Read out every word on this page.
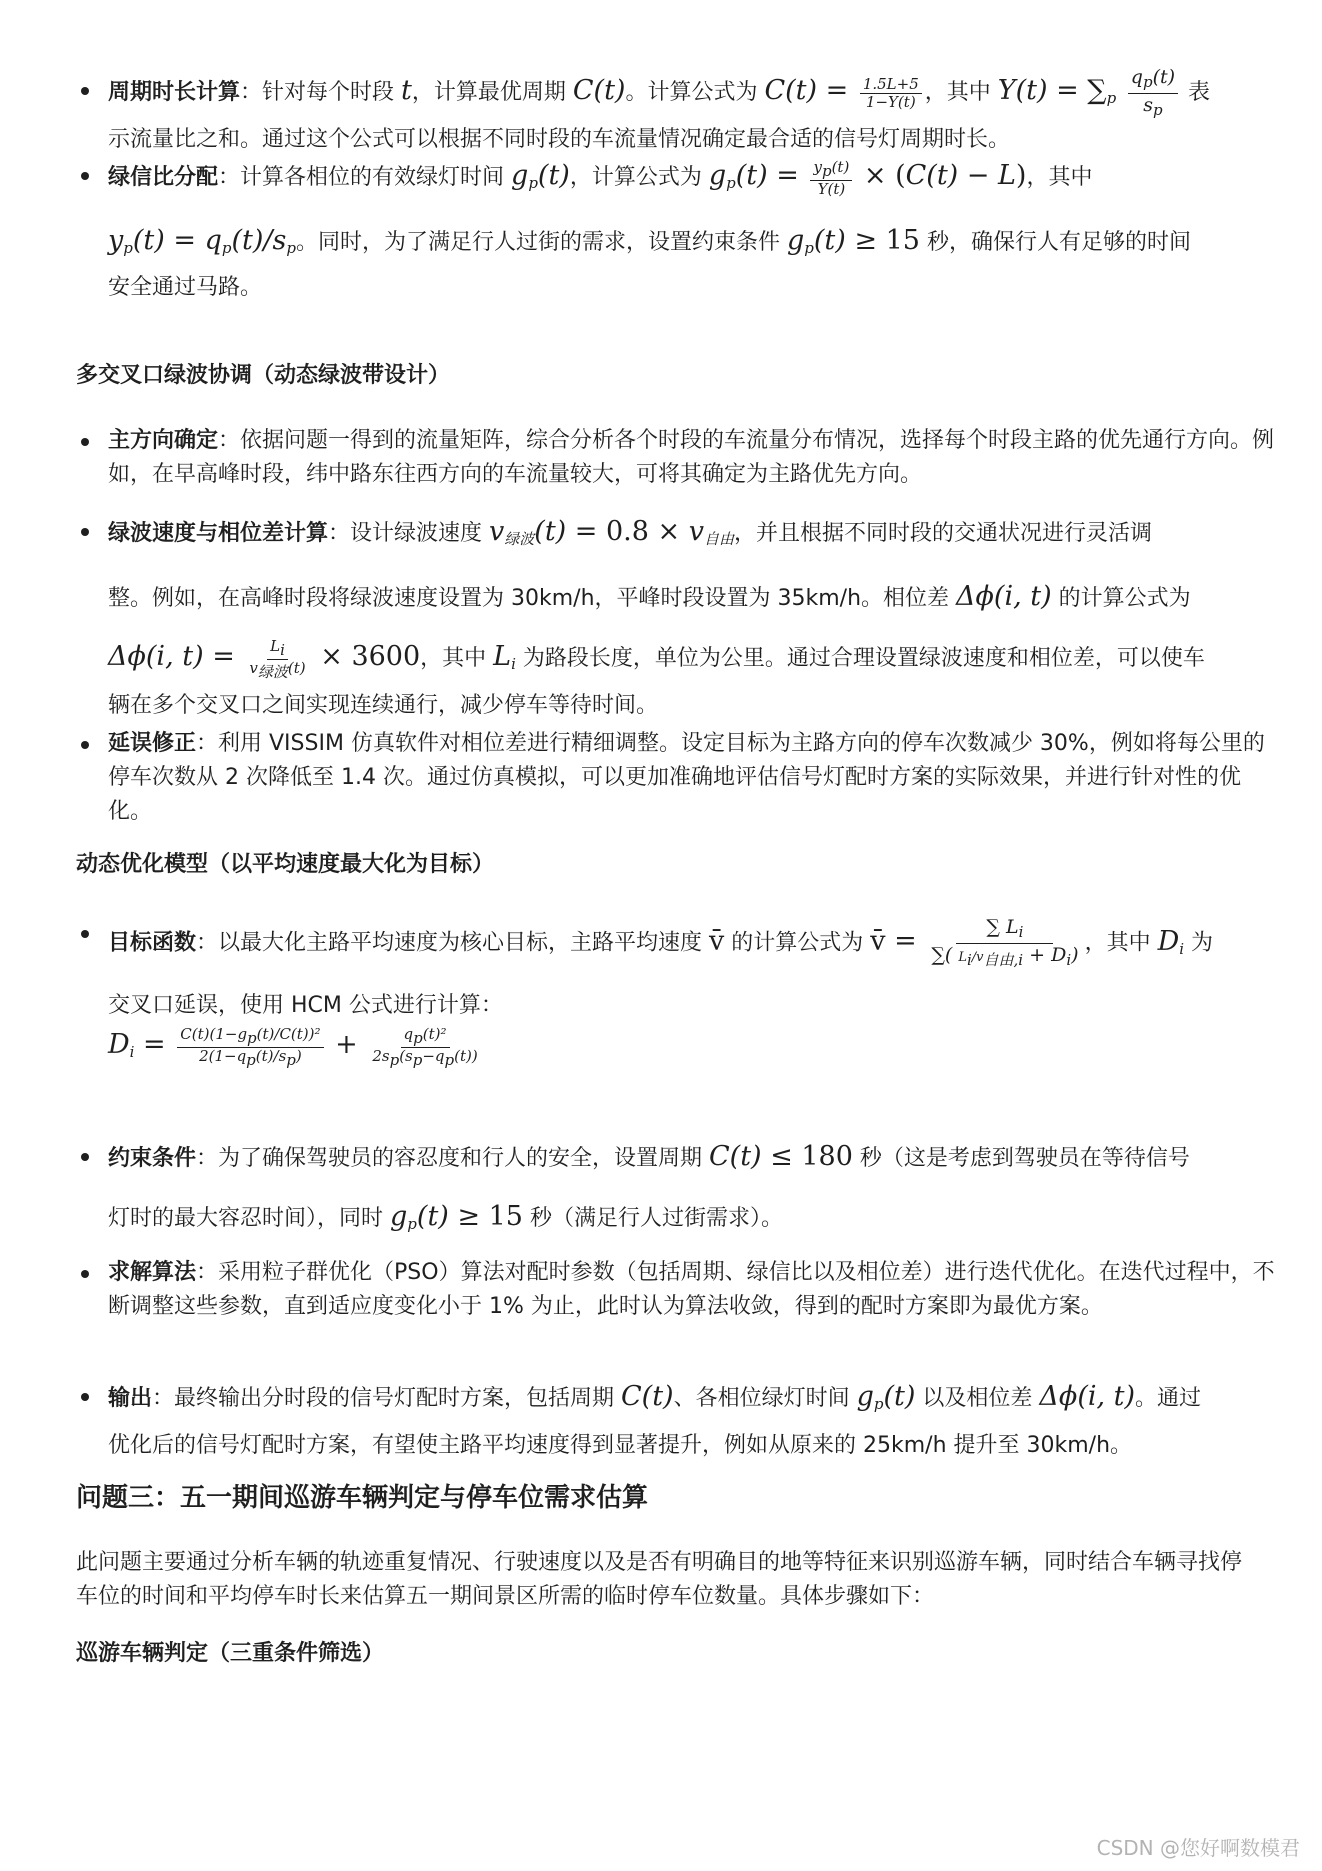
周期时长计算：针对每个时段 t，计算最优周期 C(t)。计算公式为 $C(t) = \frac{1.5L+5}{1-Y(t)}$ ，其中 $Y(t) = \sum_p \frac{q_p(t)}{s_p}$ 表

示流量比之和。通过这个公式可以根据不同时段的车流量情况确定最合适的信号灯周期时长。

绿信比分配：计算各相位的有效绿灯时间 $g_p(t)$，计算公式为 $g_p(t) = \frac{y_p(t)}{Y(t)} \times (C(t) - L)$，其中

$y_p(t) = q_p(t)/s_p$。同时，为了满足行人过街的需求，设置约束条件 $g_p(t) \ge 15$ 秒，确保行人有足够的时间

安全通过马路。

多交叉口绿波协调（动态绿波带设计）

主方向确定：依据问题一得到的流量矩阵，综合分析各个时段的车流量分布情况，选择每个时段主路的优先通行方向。例如，在早高峰时段，纬中路东往西方向的车流量较大，可将其确定为主路优先方向。

绿波速度与相位差计算：设计绿波速度 $v_{绿波}(t) = 0.8 \times v_{自由}$，并且根据不同时段的交通状况进行灵活调

整。例如，在高峰时段将绿波速度设置为 30km/h，平峰时段设置为 35km/h。相位差 Δϕ(i, t) 的计算公式为

Δϕ(i, $t) = \frac{L_i}{v_{绿波}(t)} \times 3600$，其中 $L_i$ 为路段长度，单位为公里。通过合理设置绿波速度和相位差，可以使车

辆在多个交叉口之间实现连续通行，减少停车等待时间。

延误修正：利用 VISSIM 仿真软件对相位差进行精细调整。设定目标为主路方向的停车次数减少 30%，例如将每公里的停车次数从 2 次降低至 1.4 次。通过仿真模拟，可以更加准确地评估信号灯配时方案的实际效果，并进行针对性的优化。

动态优化模型（以平均速度最大化为目标）

目标函数：以最大化主路平均速度为核心目标，主路平均速度 v̄ 的计算公式为 v̄ = $\frac{\sum L_i}{\sum( L_i/v_{自由,i} + D_i)}$ ，其中 $D_i$ 为

交叉口延误，使用 HCM 公式进行计算：

$D_i = \frac{C(t)(1-g_p(t)/C(t))^2}{2(1-q_p(t)/s_p)} + \frac{q_p(t)^2}{2s_p(s_p-q_p(t))}$

约束条件：为了确保驾驶员的容忍度和行人的安全，设置周期 C(t) ≤ 180 秒（这是考虑到驾驶员在等待信号

灯时的最大容忍时间），同时 $g_p(t) \ge 15$ 秒（满足行人过街需求）。

求解算法：采用粒子群优化（PSO）算法对配时参数（包括周期、绿信比以及相位差）进行迭代优化。在迭代过程中，不断调整这些参数，直到适应度变化小于 1% 为止，此时认为算法收敛，得到的配时方案即为最优方案。

输出：最终输出分时段的信号灯配时方案，包括周期 C(t)、各相位绿灯时间 $g_p(t)$ 以及相位差 Δϕ(i, t)。通过

优化后的信号灯配时方案，有望使主路平均速度得到显著提升，例如从原来的 25km/h 提升至 30km/h。

问题三：五一期间巡游车辆判定与停车位需求估算

此问题主要通过分析车辆的轨迹重复情况、行驶速度以及是否有明确目的地等特征来识别巡游车辆，同时结合车辆寻找停车位的时间和平均停车时长来估算五一期间景区所需的临时停车位数量。具体步骤如下：

巡游车辆判定（三重条件筛选）
CSDN @您好啊数模君
